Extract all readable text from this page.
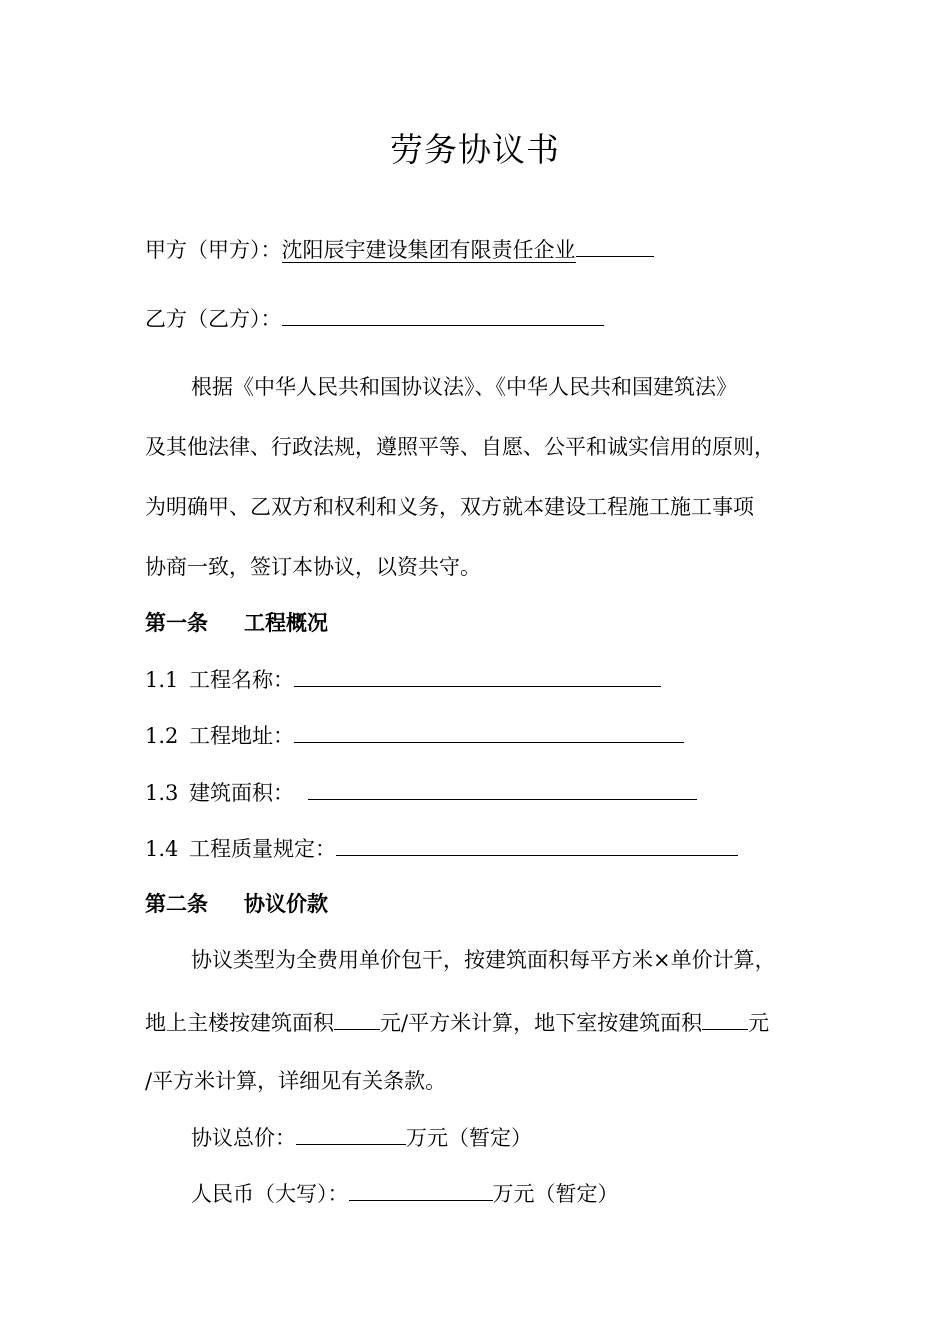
劳务协议书
甲方（甲方）：沈阳辰宇建设集团有限责任企业
乙方（乙方）：
根据《中华人民共和国协议法》、《中华人民共和国建筑法》
及其他法律、行政法规，遵照平等、自愿、公平和诚实信用的原则，
为明确甲、乙双方和权利和义务，双方就本建设工程施工施工事项
协商一致，签订本协议，以资共守。
第一条 工程概况
1.1 工程名称：
1.2 工程地址：
1.3 建筑面积：
1.4 工程质量规定：
第二条 协议价款
协议类型为全费用单价包干，按建筑面积每平方米×单价计算，
地上主楼按建筑面积 元/平方米计算，地下室按建筑面积 元
/平方米计算，详细见有关条款。
协议总价：	万元（暂定）
人民币（大写）：	万元（暂定）
